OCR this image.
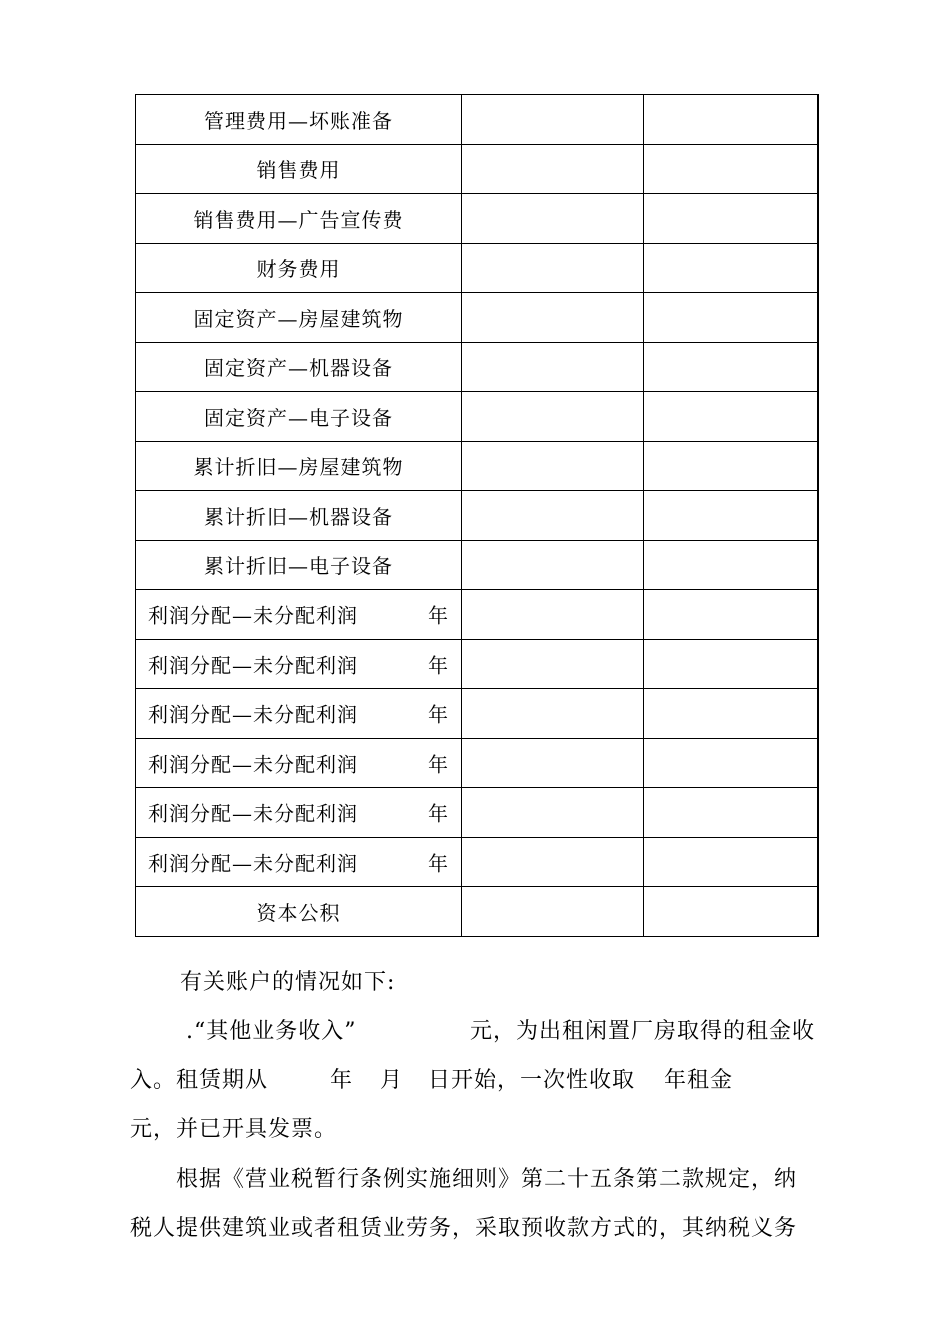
管理费用—坏账准备		
销售费用		
销售费用—广告宣传费		
财务费用		
固定资产—房屋建筑物		
固定资产—机器设备		
固定资产—电子设备		
累计折旧—房屋建筑物		
累计折旧—机器设备		
累计折旧—电子设备		

利润分配—未分配利润 年		

利润分配—未分配利润 年		

利润分配—未分配利润 年		

利润分配—未分配利润 年		

利润分配—未分配利润 年		

利润分配—未分配利润 年		

资本公积		
有关账户的情况如下:
.“其他业务收入”	元，为出租闲置厂房取得的租金收
入。租赁期从	年 月 日开始，一次性收取 年租金
元，并已开具发票。
根据《营业税暂行条例实施细则》第二十五条第二款规定，纳
税人提供建筑业或者租赁业劳务，采取预收款方式的，其纳税义务
